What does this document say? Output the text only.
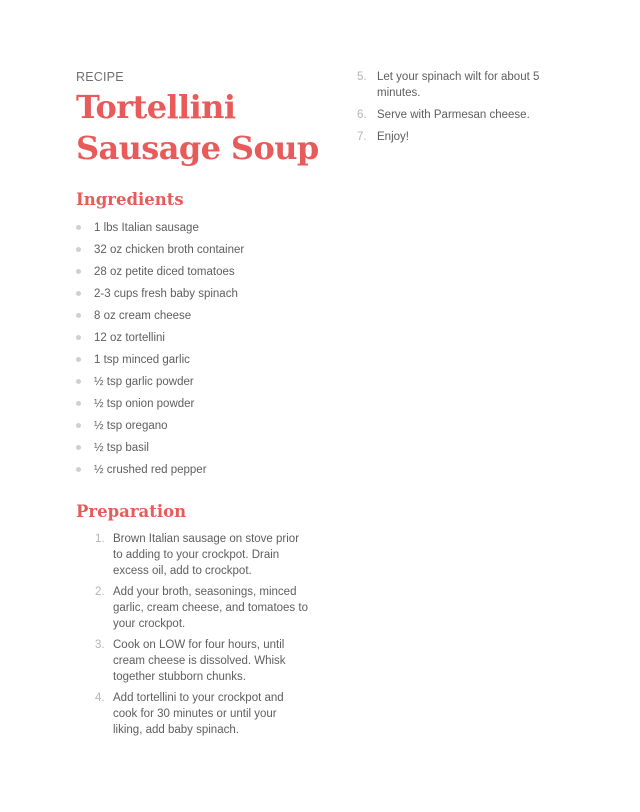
RECIPE

Tortellini
Sausage Soup
Ingredients
1 lbs Italian sausage
32 oz chicken broth container
28 oz petite diced tomatoes
2-3 cups fresh baby spinach
8 oz cream cheese
12 oz tortellini
1 tsp minced garlic
½ tsp garlic powder
½ tsp onion powder
½ tsp oregano
½ tsp basil
½ crushed red pepper
Preparation
1. Brown Italian sausage on stove prior to adding to your crockpot. Drain excess oil, add to crockpot.
2. Add your broth, seasonings, minced garlic, cream cheese, and tomatoes to your crockpot.
3. Cook on LOW for four hours, until cream cheese is dissolved. Whisk together stubborn chunks.
4. Add tortellini to your crockpot and cook for 30 minutes or until your liking, add baby spinach.
5. Let your spinach wilt for about 5 minutes.
6. Serve with Parmesan cheese.
7. Enjoy!
